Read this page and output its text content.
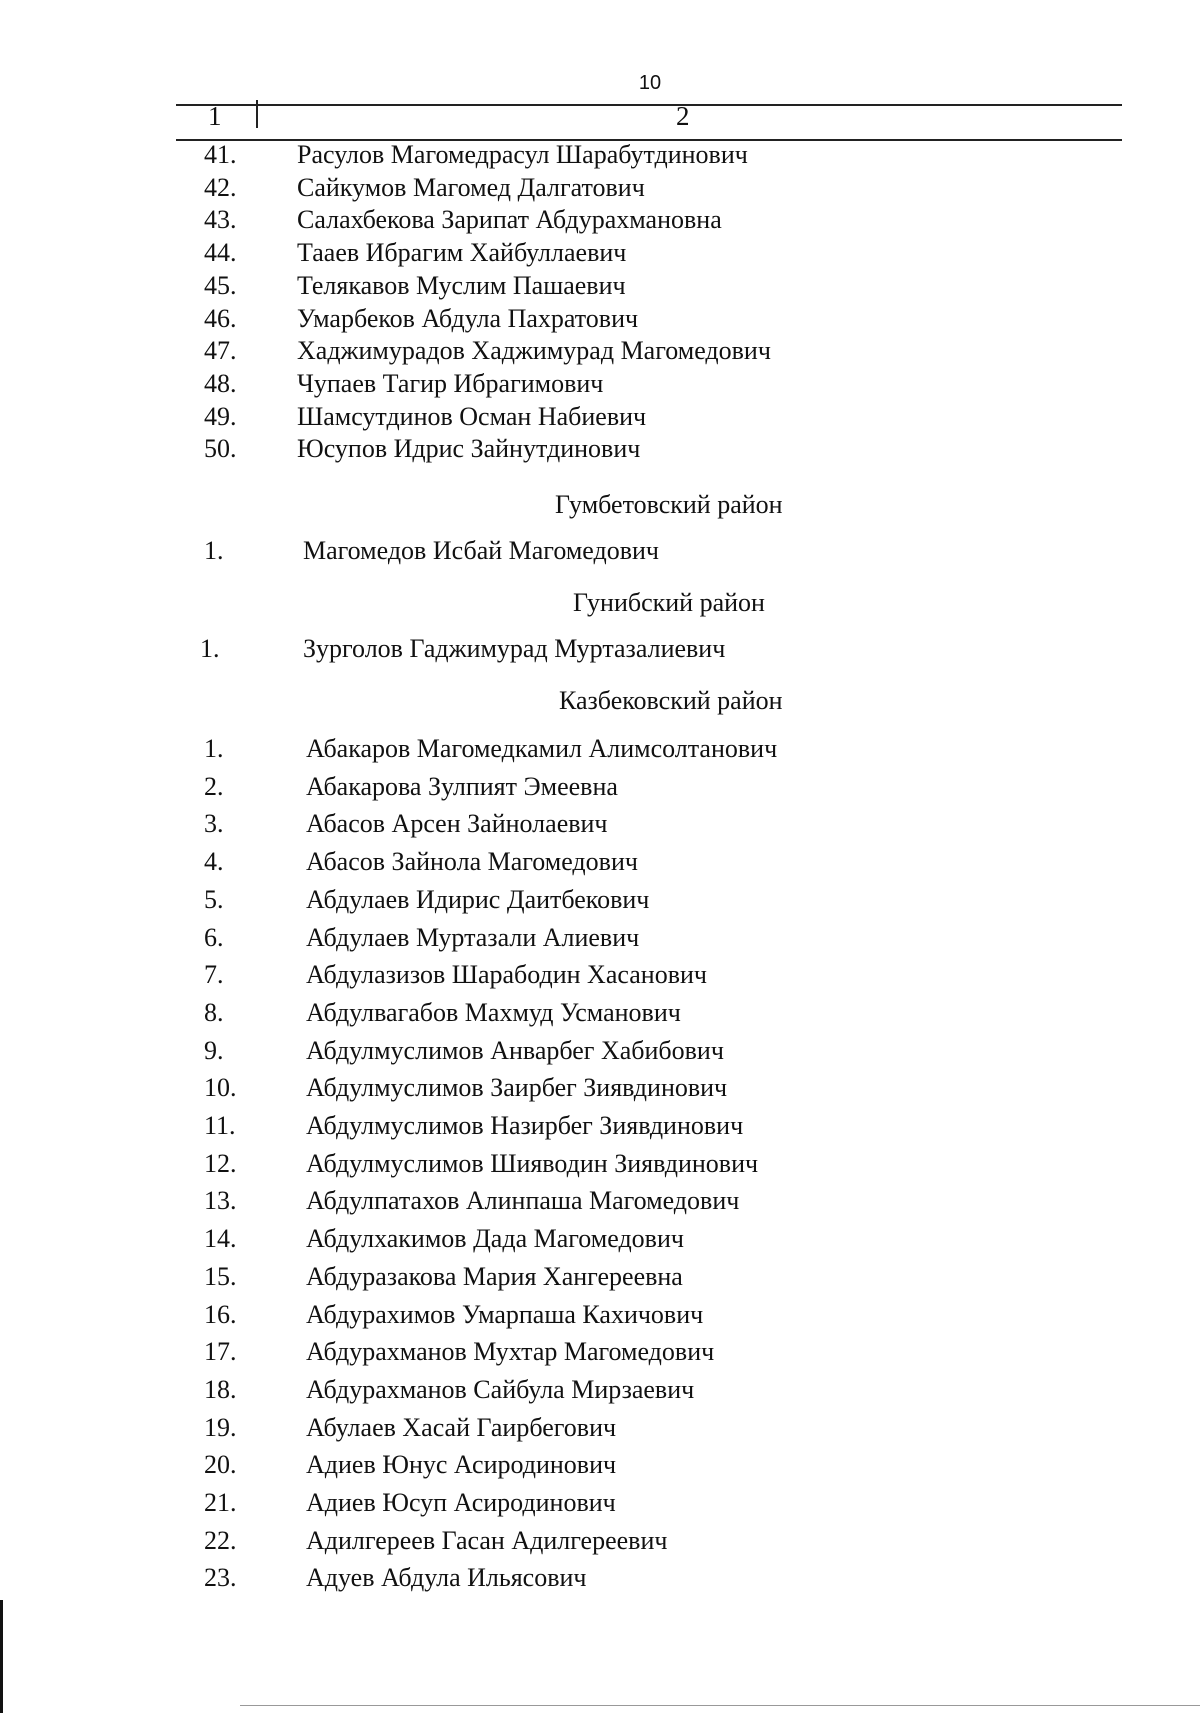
10
1	2
41. Расулов Магомедрасул Шарабутдинович
42. Сайкумов Магомед Далгатович
43. Салахбекова Зарипат Абдурахмановна
44. Тааев Ибрагим Хайбуллаевич
45. Телякавов Муслим Пашаевич
46. Умарбеков Абдула Пахратович
47. Хаджимурадов Хаджимурад Магомедович
48. Чупаев Тагир Ибрагимович
49. Шамсутдинов Осман Набиевич
50. Юсупов Идрис Зайнутдинович
Гумбетовский район
1.	Магомедов Исбай Магомедович
Гунибский район
1.	Зурголов Гаджимурад Муртазалиевич
Казбековский район
1.	Абакаров Магомедкамил Алимсолтанович
2.	Абакарова Зулпият Эмеевна
3.	Абасов Арсен Зайнолаевич
4.	Абасов Зайнола Магомедович
5.	Абдулаев Идирис Даитбекович
6.	Абдулаев Муртазали Алиевич
7.	Абдулазизов Шарабодин Хасанович
8.	Абдулвагабов Махмуд Усманович
9.	Абдулмуслимов Анварбег Хабибович
10.	Абдулмуслимов Заирбег Зиявдинович
11.	Абдулмуслимов Назирбег Зиявдинович
12.	Абдулмуслимов Шияводин Зиявдинович
13.	Абдулпатахов Алинпаша Магомедович
14.	Абдулхакимов Дада Магомедович
15.	Абдуразакова Мария Хангереевна
16.	Абдурахимов Умарпаша Кахичович
17.	Абдурахманов Мухтар Магомедович
18.	Абдурахманов Сайбула Мирзаевич
19.	Абулаев Хасай Гаирбегович
20.	Адиев Юнус Асиродинович
21.	Адиев Юсуп Асиродинович
22.	Адилгереев Гасан Адилгереевич
23.	Адуев Абдула Ильясович
